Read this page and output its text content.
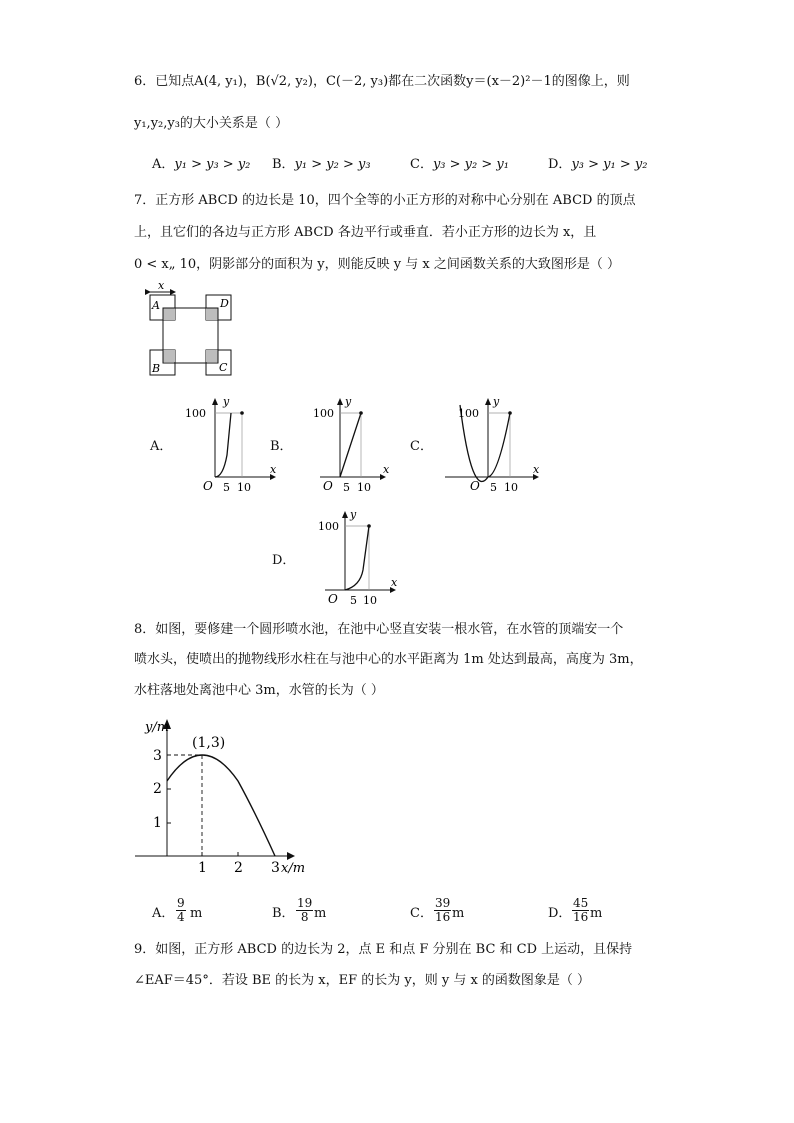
6．已知点A(4, y₁)，B(√2, y₂)，C(－2, y₃)都在二次函数y＝(x－2)²－1的图像上，则
y₁,y₂,y₃的大小关系是（ ）
A．y₁ > y₃ > y₂ B．y₁ > y₂ > y₃	C．y₃ > y₂ > y₁	D．y₃ > y₁ > y₂
7．正方形 ABCD 的边长是 10，四个全等的小正方形的对称中心分别在 ABCD 的顶点
上，且它们的各边与正方形 ABCD 各边平行或垂直．若小正方形的边长为 x，且
0 < x„ 10，阴影部分的面积为 y，则能反映 y 与 x 之间函数关系的大致图形是（ ）
x
A	D
B	C
A．
100
y
x
O 5 10
B．
100
y
x
O 5 10
C．
100
y
x
O 5 10
D．
100
y
x
O 5 10
8．如图，要修建一个圆形喷水池，在池中心竖直安装一根水管，在水管的顶端安一个
喷水头，使喷出的抛物线形水柱在与池中心的水平距离为 1m 处达到最高，高度为 3m，
水柱落地处离池中心 3m，水管的长为（ ）
y/m
(1,3)
1
2
3
1 2 3 x/m
A． $\frac{9}{4}$ m	B． $\frac{19}{8}$ m	C． $\frac{39}{16}$ m	D． $\frac{45}{16}$ m
9．如图，正方形 ABCD 的边长为 2，点 E 和点 F 分别在 BC 和 CD 上运动，且保持
∠EAF＝45°．若设 BE 的长为 x，EF 的长为 y，则 y 与 x 的函数图象是（ ）
